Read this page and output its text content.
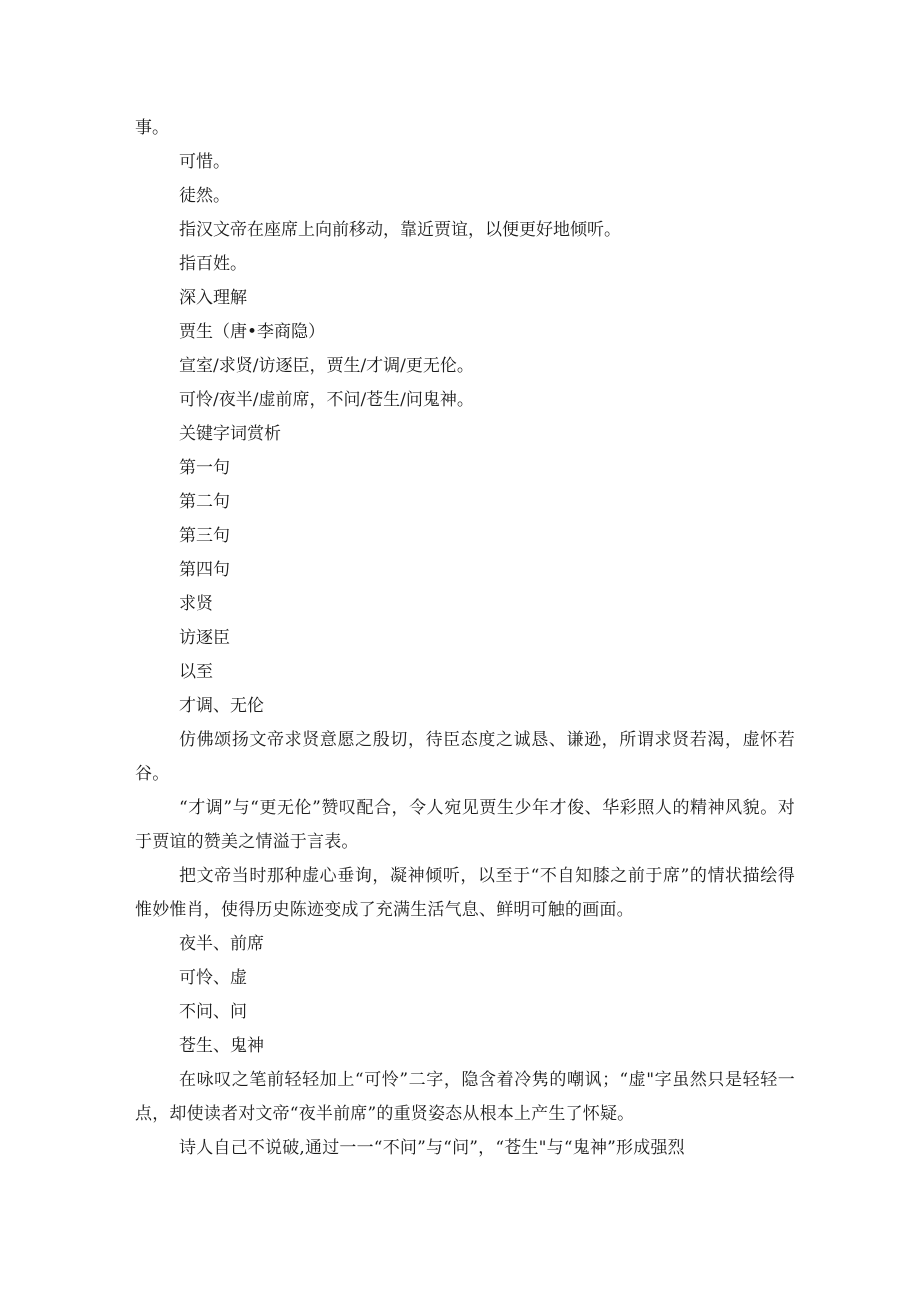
事。
可惜。
徒然。
指汉文帝在座席上向前移动，靠近贾谊，以便更好地倾听。
指百姓。
深入理解
贾生（唐•李商隐）
宣室/求贤/访逐臣，贾生/才调/更无伦。
可怜/夜半/虚前席，不问/苍生/问鬼神。
关键字词赏析
第一句
第二句
第三句
第四句
求贤
访逐臣
以至
才调、无伦
仿佛颂扬文帝求贤意愿之殷切，待臣态度之诚恳、谦逊，所谓求贤若渴，虚怀若谷。
“才调”与“更无伦”赞叹配合，令人宛见贾生少年才俊、华彩照人的精神风貌。对于贾谊的赞美之情溢于言表。
把文帝当时那种虚心垂询，凝神倾听，以至于“不自知膝之前于席”的情状描绘得惟妙惟肖，使得历史陈迹变成了充满生活气息、鲜明可触的画面。
夜半、前席
可怜、虚
不问、问
苍生、鬼神
在咏叹之笔前轻轻加上“可怜”二字，隐含着冷隽的嘲讽；“虚"字虽然只是轻轻一点，却使读者对文帝“夜半前席”的重贤姿态从根本上产生了怀疑。
诗人自己不说破,通过一一“不问”与“问”，“苍生"与“鬼神”形成强烈
